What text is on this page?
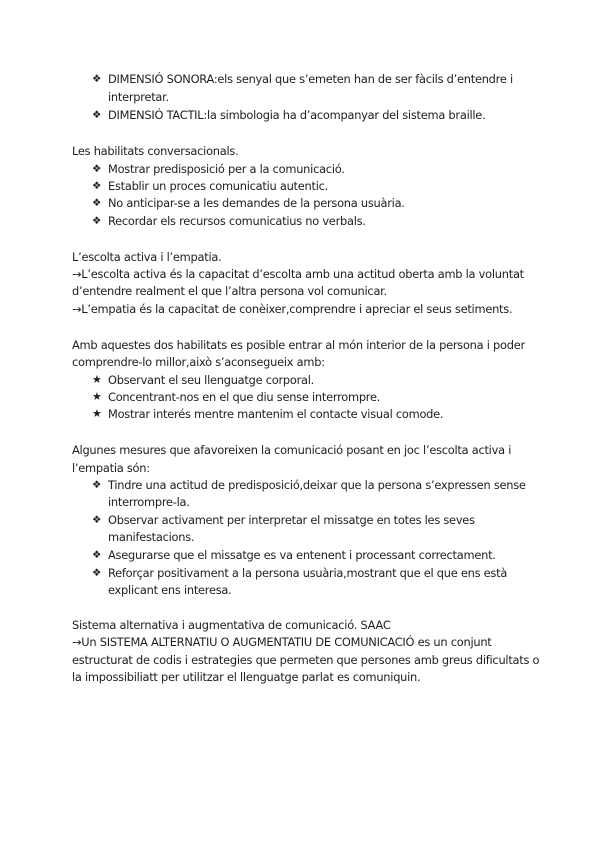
❖ DIMENSIÓ SONORA:els senyal que s’emeten han de ser fàcils d’entendre i
interpretar.
❖ DIMENSIÓ TACTIL:la simbologia ha d’acompanyar del sistema braille.
Les habilitats conversacionals.
❖ Mostrar predisposició per a la comunicació.
❖ Establir un proces comunicatiu autentic.
❖ No anticipar-se a les demandes de la persona usuària.
❖ Recordar els recursos comunicatius no verbals.
L’escolta activa i l’empatia.
→L’escolta activa és la capacitat d’escolta amb una actitud oberta amb la voluntat
d’entendre realment el que l’altra persona vol comunicar.
→L’empatia és la capacitat de conèixer,comprendre i apreciar el seus setiments.
Amb aquestes dos habilitats es posible entrar al món interior de la persona i poder
comprendre-lo millor,això s’aconsegueix amb:
★ Observant el seu llenguatge corporal.
★ Concentrant-nos en el que diu sense interrompre.
★ Mostrar interés mentre mantenim el contacte visual comode.
Algunes mesures que afavoreixen la comunicació posant en joc l’escolta activa i
l’empatia són:
❖ Tindre una actitud de predisposició,deixar que la persona s’expressen sense
interrompre-la.
❖ Observar activament per interpretar el missatge en totes les seves
manifestacions.
❖ Asegurarse que el missatge es va entenent i processant correctament.
❖ Reforçar positivament a la persona usuària,mostrant que el que ens està
explicant ens interesa.
Sistema alternativa i augmentativa de comunicació. SAAC
→Un SISTEMA ALTERNATIU O AUGMENTATIU DE COMUNICACIÓ es un conjunt
estructurat de codis i estrategies que permeten que persones amb greus dificultats o
la impossibiliatt per utilitzar el llenguatge parlat es comuniquin.
